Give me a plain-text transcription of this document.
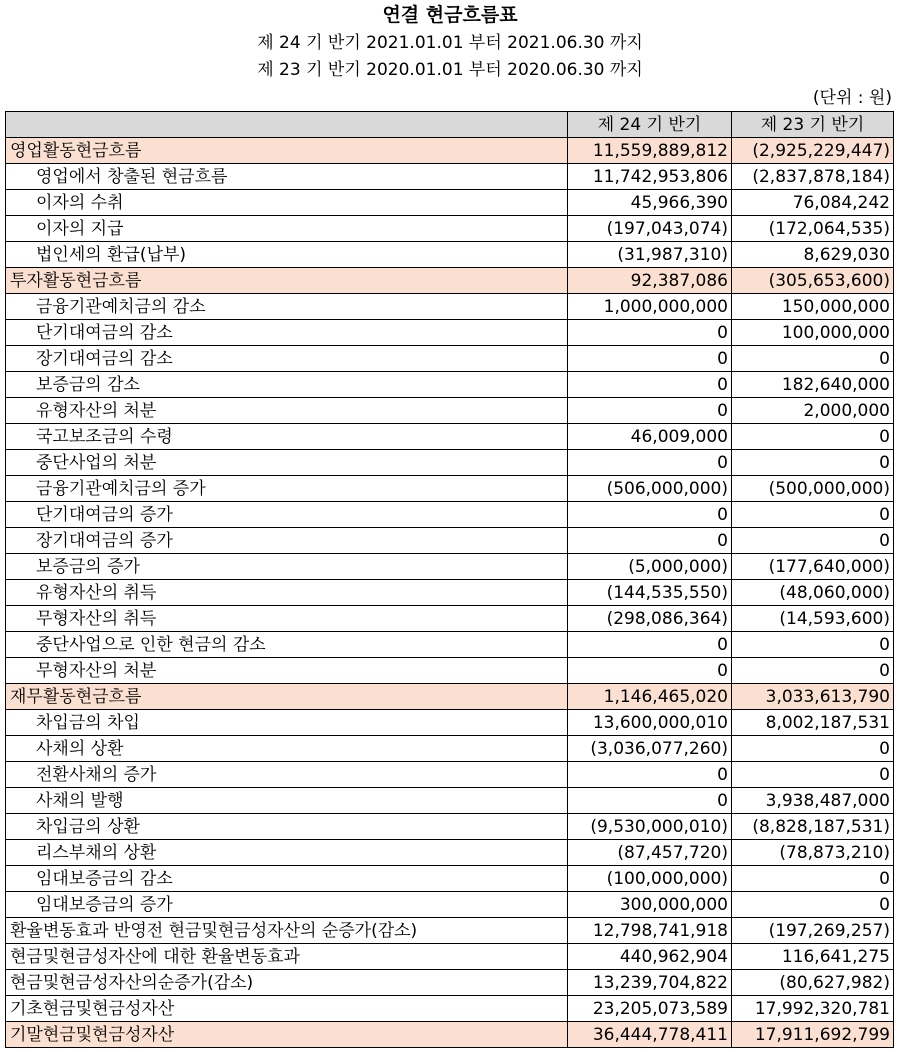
연결 현금흐름표
제 24 기 반기 2021.01.01 부터 2021.06.30 까지
제 23 기 반기 2020.01.01 부터 2020.06.30 까지
(단위 : 원)
	제 24 기 반기	제 23 기 반기
영업활동현금흐름	11,559,889,812	(2,925,229,447)
영업에서 창출된 현금흐름	11,742,953,806	(2,837,878,184)
이자의 수취	45,966,390	76,084,242
이자의 지급	(197,043,074)	(172,064,535)
법인세의 환급(납부)	(31,987,310)	8,629,030
투자활동현금흐름	92,387,086	(305,653,600)
금융기관예치금의 감소	1,000,000,000	150,000,000
단기대여금의 감소	0	100,000,000
장기대여금의 감소	0	0
보증금의 감소	0	182,640,000
유형자산의 처분	0	2,000,000
국고보조금의 수령	46,009,000	0
중단사업의 처분	0	0
금융기관예치금의 증가	(506,000,000)	(500,000,000)
단기대여금의 증가	0	0
장기대여금의 증가	0	0
보증금의 증가	(5,000,000)	(177,640,000)
유형자산의 취득	(144,535,550)	(48,060,000)
무형자산의 취득	(298,086,364)	(14,593,600)
중단사업으로 인한 현금의 감소	0	0
무형자산의 처분	0	0
재무활동현금흐름	1,146,465,020	3,033,613,790
차입금의 차입	13,600,000,010	8,002,187,531
사채의 상환	(3,036,077,260)	0
전환사채의 증가	0	0
사채의 발행	0	3,938,487,000
차입금의 상환	(9,530,000,010)	(8,828,187,531)
리스부채의 상환	(87,457,720)	(78,873,210)
임대보증금의 감소	(100,000,000)	0
임대보증금의 증가	300,000,000	0
환율변동효과 반영전 현금및현금성자산의 순증가(감소)	12,798,741,918	(197,269,257)
현금및현금성자산에 대한 환율변동효과	440,962,904	116,641,275
현금및현금성자산의순증가(감소)	13,239,704,822	(80,627,982)
기초현금및현금성자산	23,205,073,589	17,992,320,781
기말현금및현금성자산	36,444,778,411	17,911,692,799
